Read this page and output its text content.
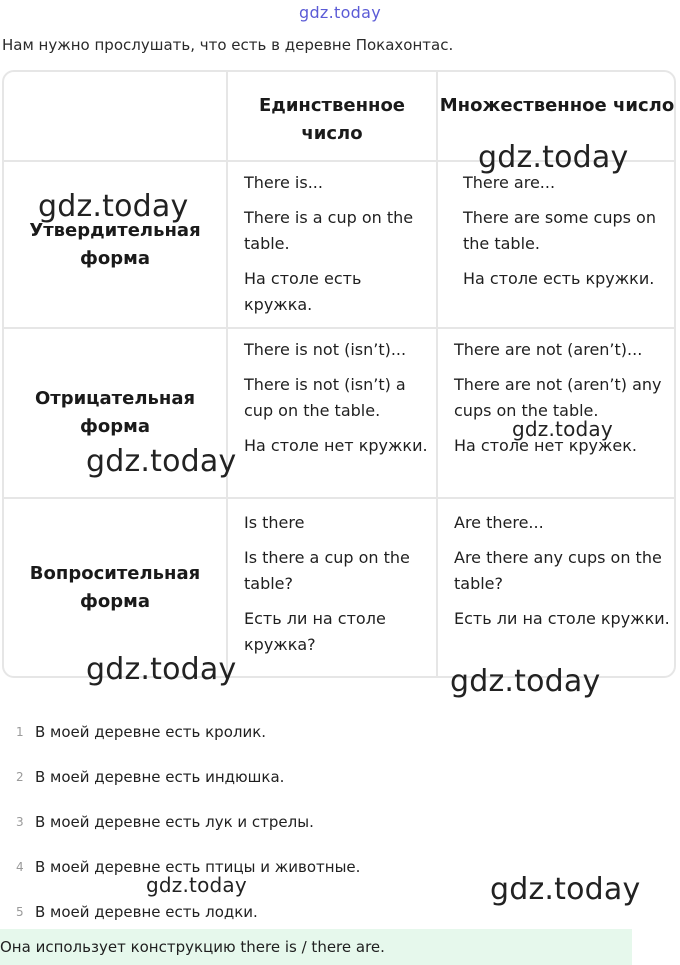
gdz.today
Нам нужно прослушать, что есть в деревне Покахонтас.
Единственное число
Множественное число
Утвердительная форма

There is...

There is a cup on the table.

На столе есть кружка.

There are...

There are some cups on the table.

На столе есть кружки.

Отрицательная форма

There is not (isn’t)...

There is not (isn’t) a cup on the table.

На столе нет кружки.

There are not (aren’t)...

There are not (aren’t) any cups on the table.

На столе нет кружек.

Вопросительная форма

Is there

Is there a cup on the table?

Есть ли на столе кружка?

Are there...

Are there any cups on the table?

Есть ли на столе кружки.

1 В моей деревне есть кролик.
2 В моей деревне есть индюшка.
3 В моей деревне есть лук и стрелы.
4 В моей деревне есть птицы и животные.
5 В моей деревне есть лодки.
Она использует конструкцию there is / there are.
gdz.today
gdz.today
gdz.today
gdz.today
gdz.today	gdz.today
gdz.today	gdz.today
